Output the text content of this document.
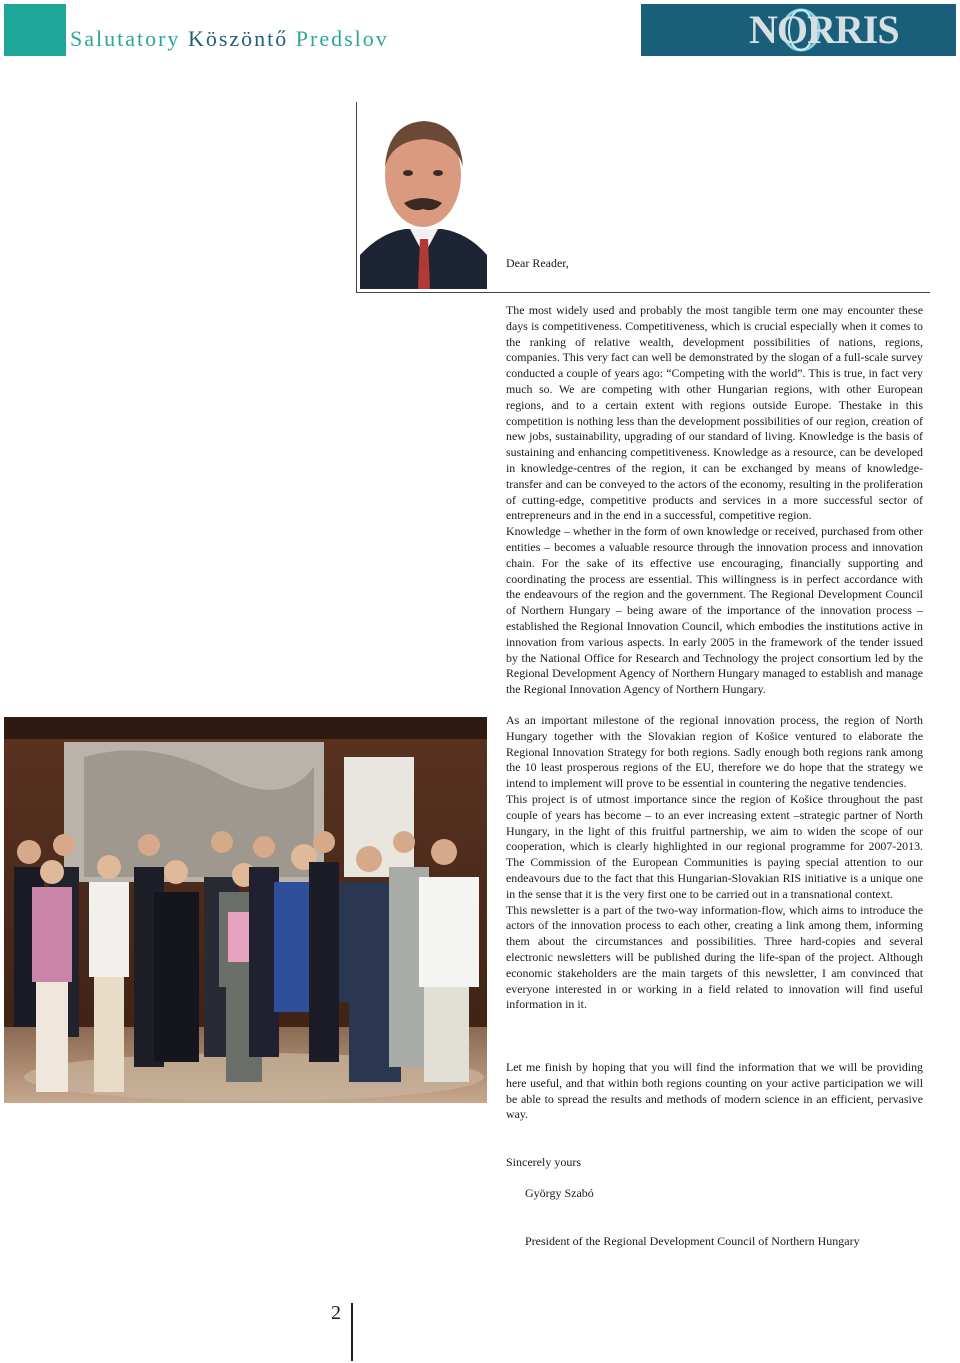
Salutatory Köszöntő Predslov	NORRIS
Dear Reader,

The most widely used and probably the most tangible term one may encounter these days is competitiveness. Competitiveness, which is crucial especially when it comes to the ranking of relative wealth, development possibilities of nations, regions, companies. This very fact can well be demonstrated by the slogan of a full-scale survey conducted a couple of years ago: “Competing with the world”. This is true, in fact very much so. We are competing with other Hungarian regions, with other European regions, and to a certain extent with regions outside Europe. Thestake in this competition is nothing less than the development possibilities of our region, creation of new jobs, sustainability, upgrading of our standard of living. Knowledge is the basis of sustaining and enhancing competitiveness. Knowledge as a resource, can be developed in knowledge-centres of the region, it can be exchanged by means of knowledge-transfer and can be conveyed to the actors of the economy, resulting in the proliferation of cutting-edge, competitive products and services in a more successful sector of entrepreneurs and in the end in a successful, competitive region.

Knowledge – whether in the form of own knowledge or received, purchased from other entities – becomes a valuable resource through the innovation process and innovation chain. For the sake of its effective use encouraging, financially supporting and coordinating the process are essential. This willingness is in perfect accordance with the endeavours of the region and the government. The Regional Development Council of Northern Hungary – being aware of the importance of the innovation process – established the Regional Innovation Council, which embodies the institutions active in innovation from various aspects. In early 2005 in the framework of the tender issued by the National Office for Research and Technology the project consortium led by the Regional Development Agency of Northern Hungary managed to establish and manage the Regional Innovation Agency of Northern Hungary.

As an important milestone of the regional innovation process, the region of North Hungary together with the Slovakian region of Košice ventured to elaborate the Regional Innovation Strategy for both regions. Sadly enough both regions rank among the 10 least prosperous regions of the EU, therefore we do hope that the strategy we intend to implement will prove to be essential in countering the negative tendencies.

This project is of utmost importance since the region of Košice throughout the past couple of years has become – to an ever increasing extent –strategic partner of North Hungary, in the light of this fruitful partnership, we aim to widen the scope of our cooperation, which is clearly highlighted in our regional programme for 2007-2013. The Commission of the European Communities is paying special attention to our endeavours due to the fact that this Hungarian-Slovakian RIS initiative is a unique one in the sense that it is the very first one to be carried out in a transnational context.

This newsletter is a part of the two-way information-flow, which aims to introduce the actors of the innovation process to each other, creating a link among them, informing them about the circumstances and possibilities. Three hard-copies and several electronic newsletters will be published during the life-span of the project. Although economic stakeholders are the main targets of this newsletter, I am convinced that everyone interested in or working in a field related to innovation will find useful information in it.

Let me finish by hoping that you will find the information that we will be providing here useful, and that within both regions counting on your active participation we will be able to spread the results and methods of modern science in an efficient, pervasive way.

Sincerely yours
György Szabó
President of the Regional Development Council of Northern Hungary
2
